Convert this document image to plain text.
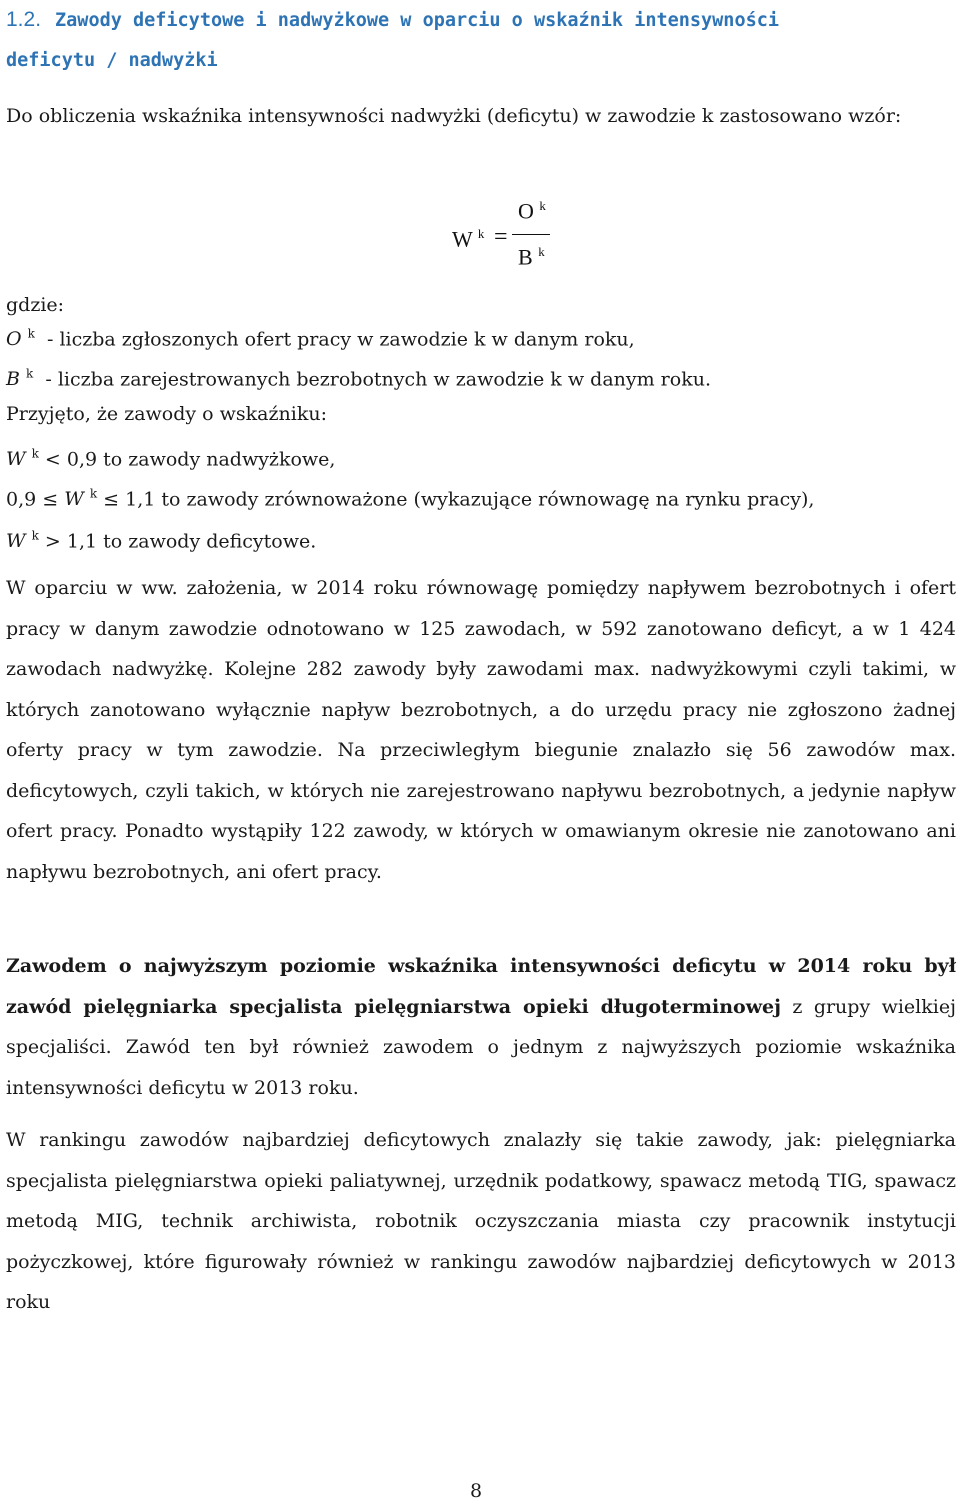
1.2. Zawody deficytowe i nadwyżkowe w oparciu o wskaźnik intensywności
deficytu / nadwyżki

Do obliczenia wskaźnika intensywności nadwyżki (deficytu) w zawodzie k zastosowano wzór:

W $^k$ =
O $^k$
B $^k$

gdzie:

O $^k$ - liczba zgłoszonych ofert pracy w zawodzie k w danym roku,

B $^k$ - liczba zarejestrowanych bezrobotnych w zawodzie k w danym roku.

Przyjęto, że zawody o wskaźniku:

W $^k$ < 0,9 to zawody nadwyżkowe,

0,9 ≤ W $^k$ ≤ 1,1 to zawody zrównoważone (wykazujące równowagę na rynku pracy),

W $^k$ > 1,1 to zawody deficytowe.

W oparciu w ww. założenia, w 2014 roku równowagę pomiędzy napływem bezrobotnych i ofert pracy w danym zawodzie odnotowano w 125 zawodach, w 592 zanotowano deficyt, a w 1 424 zawodach nadwyżkę. Kolejne 282 zawody były zawodami max. nadwyżkowymi czyli takimi, w których zanotowano wyłącznie napływ bezrobotnych, a do urzędu pracy nie zgłoszono żadnej oferty pracy w tym zawodzie. Na przeciwległym biegunie znalazło się 56 zawodów max. deficytowych, czyli takich, w których nie zarejestrowano napływu bezrobotnych, a jedynie napływ ofert pracy. Ponadto wystąpiły 122 zawody, w których w omawianym okresie nie zanotowano ani napływu bezrobotnych, ani ofert pracy.

Zawodem o najwyższym poziomie wskaźnika intensywności deficytu w 2014 roku był zawód pielęgniarka specjalista pielęgniarstwa opieki długoterminowej z grupy wielkiej specjaliści. Zawód ten był również zawodem o jednym z najwyższych poziomie wskaźnika intensywności deficytu w 2013 roku.

W rankingu zawodów najbardziej deficytowych znalazły się takie zawody, jak: pielęgniarka specjalista pielęgniarstwa opieki paliatywnej, urzędnik podatkowy, spawacz metodą TIG, spawacz metodą MIG, technik archiwista, robotnik oczyszczania miasta czy pracownik instytucji pożyczkowej, które figurowały również w rankingu zawodów najbardziej deficytowych w 2013 roku

8
